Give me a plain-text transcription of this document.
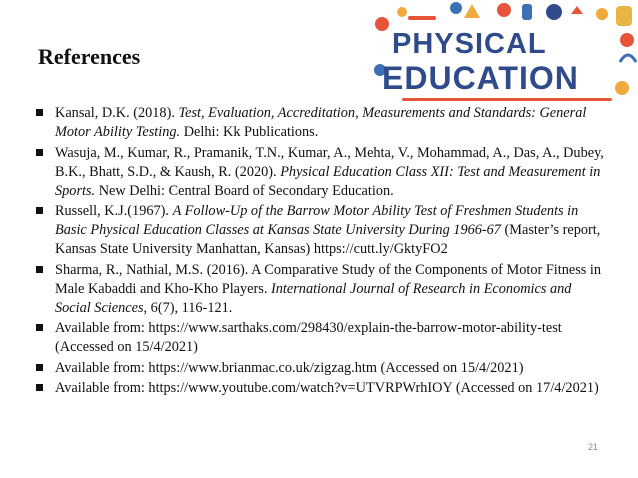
References	PHYSICAL
EDUCATION
Kansal, D.K. (2018). Test, Evaluation, Accreditation, Measurements and Standards: General Motor Ability Testing. Delhi: Kk Publications.
Wasuja, M., Kumar, R., Pramanik, T.N., Kumar, A., Mehta, V., Mohammad, A., Das, A., Dubey, B.K., Bhatt, S.D., & Kaush, R. (2020). Physical Education Class XII: Test and Measurement in Sports. New Delhi: Central Board of Secondary Education.
Russell, K.J.(1967). A Follow-Up of the Barrow Motor Ability Test of Freshmen Students in Basic Physical Education Classes at Kansas State University During 1966-67 (Master’s report, Kansas State University Manhattan, Kansas) https://cutt.ly/GktyFO2
Sharma, R., Nathial, M.S. (2016). A Comparative Study of the Components of Motor Fitness in Male Kabaddi and Kho-Kho Players. International Journal of Research in Economics and Social Sciences, 6(7), 116-121.
Available from: https://www.sarthaks.com/298430/explain-the-barrow-motor-ability-test (Accessed on 15/4/2021)
Available from: https://www.brianmac.co.uk/zigzag.htm (Accessed on 15/4/2021)
Available from: https://www.youtube.com/watch?v=UTVRPWrhIOY (Accessed on 17/4/2021)
21
